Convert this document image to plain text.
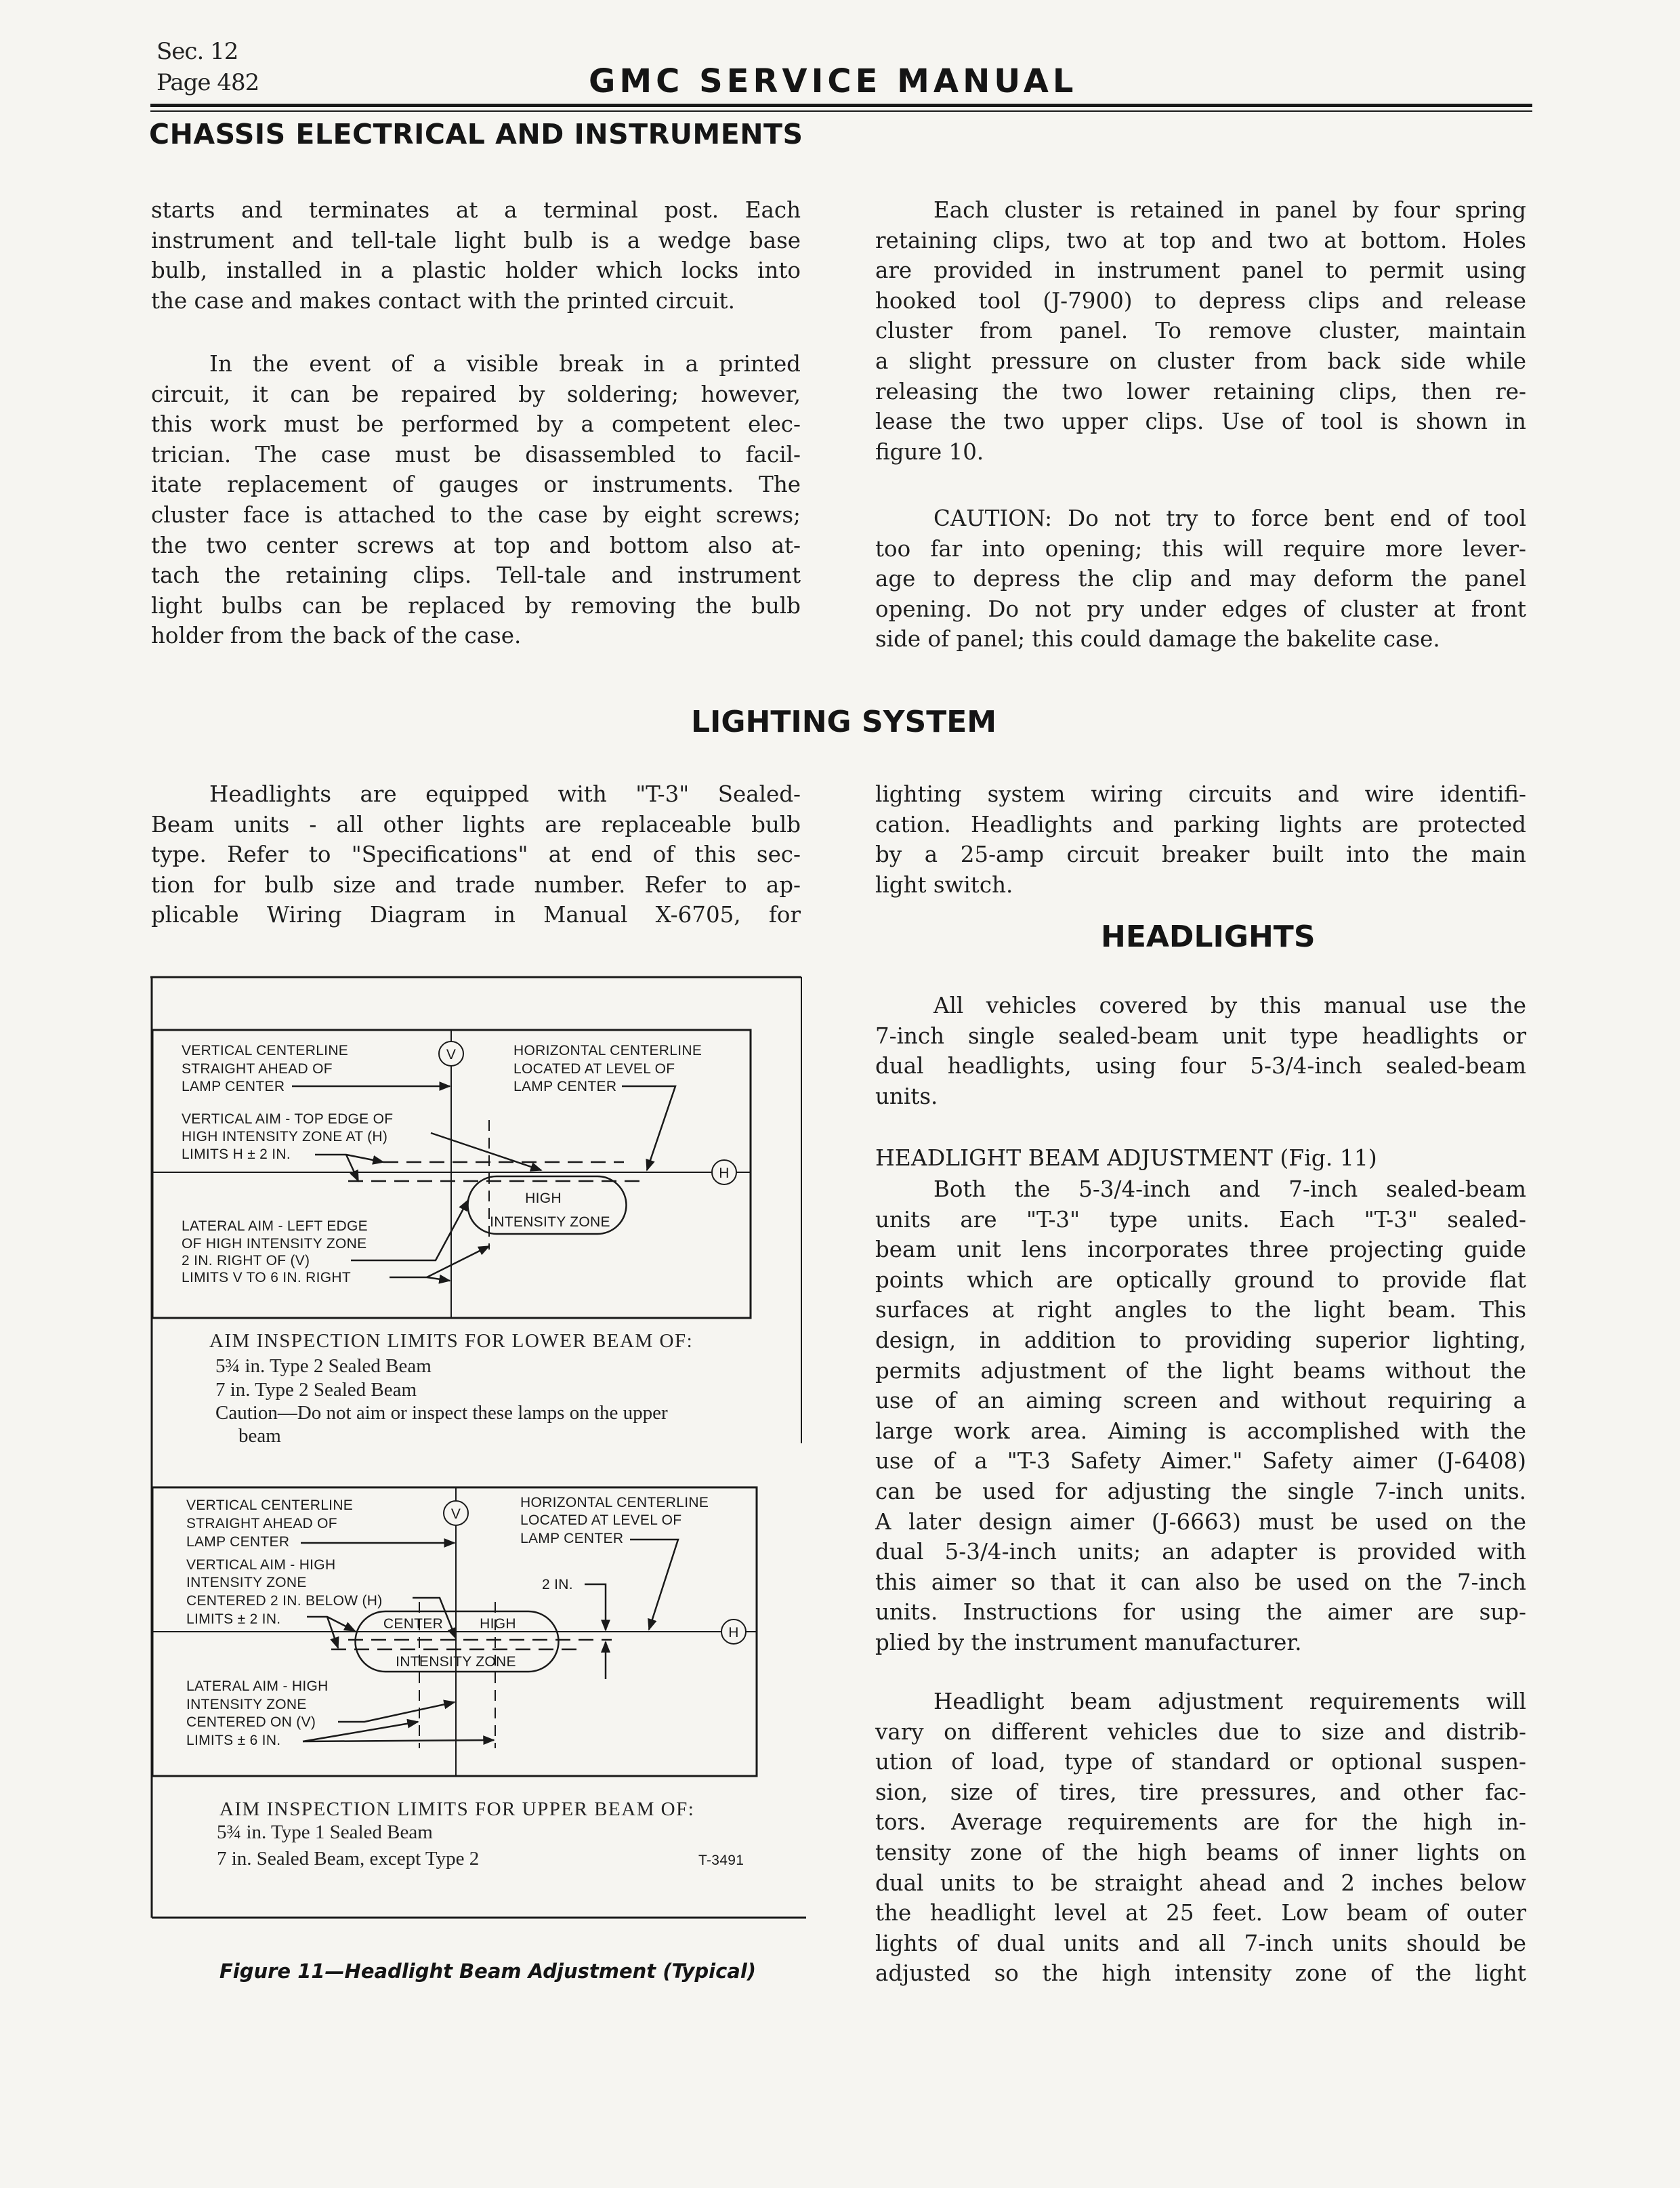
Sec. 12
Page 482	GMC SERVICE MANUAL
CHASSIS ELECTRICAL AND INSTRUMENTS
starts and terminates at a terminal post. Each
instrument and tell-tale light bulb is a wedge base
bulb, installed in a plastic holder which locks into
the case and makes contact with the printed circuit.
In the event of a visible break in a printed
circuit, it can be repaired by soldering; however,
this work must be performed by a competent elec-
trician. The case must be disassembled to facil-
itate replacement of gauges or instruments. The
cluster face is attached to the case by eight screws;
the two center screws at top and bottom also at-
tach the retaining clips. Tell-tale and instrument
light bulbs can be replaced by removing the bulb
holder from the back of the case.
Each cluster is retained in panel by four spring
retaining clips, two at top and two at bottom. Holes
are provided in instrument panel to permit using
hooked tool (J-7900) to depress clips and release
cluster from panel. To remove cluster, maintain
a slight pressure on cluster from back side while
releasing the two lower retaining clips, then re-
lease the two upper clips. Use of tool is shown in
figure 10.
CAUTION: Do not try to force bent end of tool
too far into opening; this will require more lever-
age to depress the clip and may deform the panel
opening. Do not pry under edges of cluster at front
side of panel; this could damage the bakelite case.
LIGHTING SYSTEM
Headlights are equipped with "T-3" Sealed-
Beam units - all other lights are replaceable bulb
type. Refer to "Specifications" at end of this sec-
tion for bulb size and trade number. Refer to ap-
plicable Wiring Diagram in Manual X-6705, for
lighting system wiring circuits and wire identifi-
cation. Headlights and parking lights are protected
by a 25-amp circuit breaker built into the main
light switch.
HEADLIGHTS
All vehicles covered by this manual use the
7-inch single sealed-beam unit type headlights or
dual headlights, using four 5-3/4-inch sealed-beam
units.
HEADLIGHT BEAM ADJUSTMENT (Fig. 11)
Both the 5-3/4-inch and 7-inch sealed-beam
units are "T-3" type units. Each "T-3" sealed-
beam unit lens incorporates three projecting guide
points which are optically ground to provide flat
surfaces at right angles to the light beam. This
design, in addition to providing superior lighting,
permits adjustment of the light beams without the
use of an aiming screen and without requiring a
large work area. Aiming is accomplished with the
use of a "T-3 Safety Aimer." Safety aimer (J-6408)
can be used for adjusting the single 7-inch units.
A later design aimer (J-6663) must be used on the
dual 5-3/4-inch units; an adapter is provided with
this aimer so that it can also be used on the 7-inch
units. Instructions for using the aimer are sup-
plied by the instrument manufacturer.
Headlight beam adjustment requirements will
vary on different vehicles due to size and distrib-
ution of load, type of standard or optional suspen-
sion, size of tires, tire pressures, and other fac-
tors. Average requirements are for the high in-
tensity zone of the high beams of inner lights on
dual units to be straight ahead and 2 inches below
the headlight level at 25 feet. Low beam of outer
lights of dual units and all 7-inch units should be
adjusted so the high intensity zone of the light
V
H
VERTICAL CENTERLINE
STRAIGHT AHEAD OF
LAMP CENTER
HORIZONTAL CENTERLINE
LOCATED AT LEVEL OF
LAMP CENTER
VERTICAL AIM - TOP EDGE OF
HIGH INTENSITY ZONE AT (H)
LIMITS H ± 2 IN.
LATERAL AIM - LEFT EDGE
OF HIGH INTENSITY ZONE
2 IN. RIGHT OF (V)
LIMITS V TO 6 IN. RIGHT
HIGH
INTENSITY ZONE
AIM INSPECTION LIMITS FOR LOWER BEAM OF:
5¾ in. Type 2 Sealed Beam
7 in. Type 2 Sealed Beam
Caution—Do not aim or inspect these lamps on the upper
beam
V
H
VERTICAL CENTERLINE
STRAIGHT AHEAD OF
LAMP CENTER
HORIZONTAL CENTERLINE
LOCATED AT LEVEL OF
LAMP CENTER
VERTICAL AIM - HIGH
INTENSITY ZONE
CENTERED 2 IN. BELOW (H)
LIMITS ± 2 IN.
2 IN.
LATERAL AIM - HIGH
INTENSITY ZONE
CENTERED ON (V)
LIMITS ± 6 IN.
CENTER	HIGH
INTENSITY ZONE
AIM INSPECTION LIMITS FOR UPPER BEAM OF:
5¾ in. Type 1 Sealed Beam
7 in. Sealed Beam, except Type 2	T-3491
Figure 11—Headlight Beam Adjustment (Typical)
